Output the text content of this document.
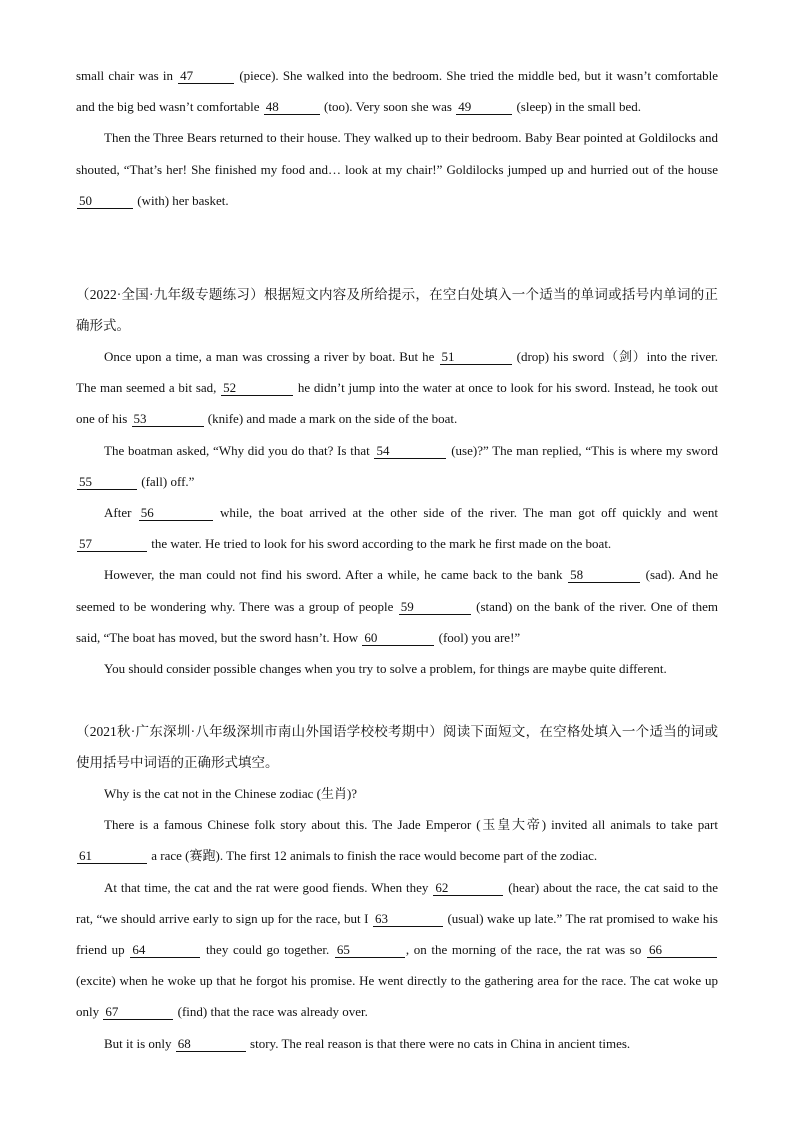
small chair was in 47	(piece). She walked into the bedroom. She tried the middle bed, but it wasn’t comfortable and the big bed wasn’t comfortable 48	(too). Very soon she was 49	(sleep) in the small bed.

Then the Three Bears returned to their house. They walked up to their bedroom. Baby Bear pointed at Goldilocks and shouted, “That’s her! She finished my food and… look at my chair!” Goldilocks jumped up and hurried out of the house 50	(with) her basket.

（2022·全国·九年级专题练习）根据短文内容及所给提示，在空白处填入一个适当的单词或括号内单词的正确形式。

Once upon a time, a man was crossing a river by boat. But he 51	(drop) his sword（剑）into the river. The man seemed a bit sad, 52	he didn’t jump into the water at once to look for his sword. Instead, he took out one of his 53	(knife) and made a mark on the side of the boat.

The boatman asked, “Why did you do that? Is that 54	(use)?” The man replied, “This is where my sword 55	(fall) off.”

After 56	while, the boat arrived at the other side of the river. The man got off quickly and went 57	the water. He tried to look for his sword according to the mark he first made on the boat.

However, the man could not find his sword. After a while, he came back to the bank 58	(sad). And he seemed to be wondering why. There was a group of people 59	(stand) on the bank of the river. One of them said, “The boat has moved, but the sword hasn’t. How 60	(fool) you are!”

You should consider possible changes when you try to solve a problem, for things are maybe quite different.

（2021秋·广东深圳·八年级深圳市南山外国语学校校考期中）阅读下面短文，在空格处填入一个适当的词或使用括号中词语的正确形式填空。

Why is the cat not in the Chinese zodiac (生肖)?

There is a famous Chinese folk story about this. The Jade Emperor (玉皇大帝) invited all animals to take part 61	a race (赛跑). The first 12 animals to finish the race would become part of the zodiac.

At that time, the cat and the rat were good fiends. When they 62	(hear) about the race, the cat said to the rat, “we should arrive early to sign up for the race, but I 63	(usual) wake up late.” The rat promised to wake his friend up 64	they could go together. 65	, on the morning of the race, the rat was so 66 (excite) when he woke up that he forgot his promise. He went directly to the gathering area for the race. The cat woke up only 67	(find) that the race was already over.

But it is only 68	story. The real reason is that there were no cats in China in ancient times.
